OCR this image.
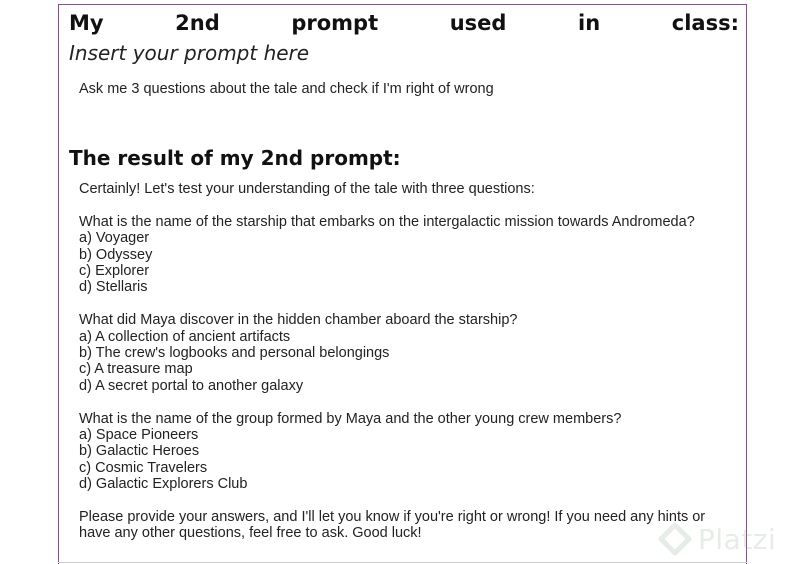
My	2nd	prompt	used	in	class:
Insert your prompt here
Ask me 3 questions about the tale and check if I'm right of wrong
The result of my 2nd prompt:

Certainly! Let's test your understanding of the tale with three questions:

What is the name of the starship that embarks on the intergalactic mission towards Andromeda?
a) Voyager
b) Odyssey
c) Explorer
d) Stellaris
What did Maya discover in the hidden chamber aboard the starship?
a) A collection of ancient artifacts
b) The crew's logbooks and personal belongings
c) A treasure map
d) A secret portal to another galaxy
What is the name of the group formed by Maya and the other young crew members?
a) Space Pioneers
b) Galactic Heroes
c) Cosmic Travelers
d) Galactic Explorers Club

Please provide your answers, and I'll let you know if you're right or wrong! If you need any hints or have any other questions, feel free to ask. Good luck!	Platzi
